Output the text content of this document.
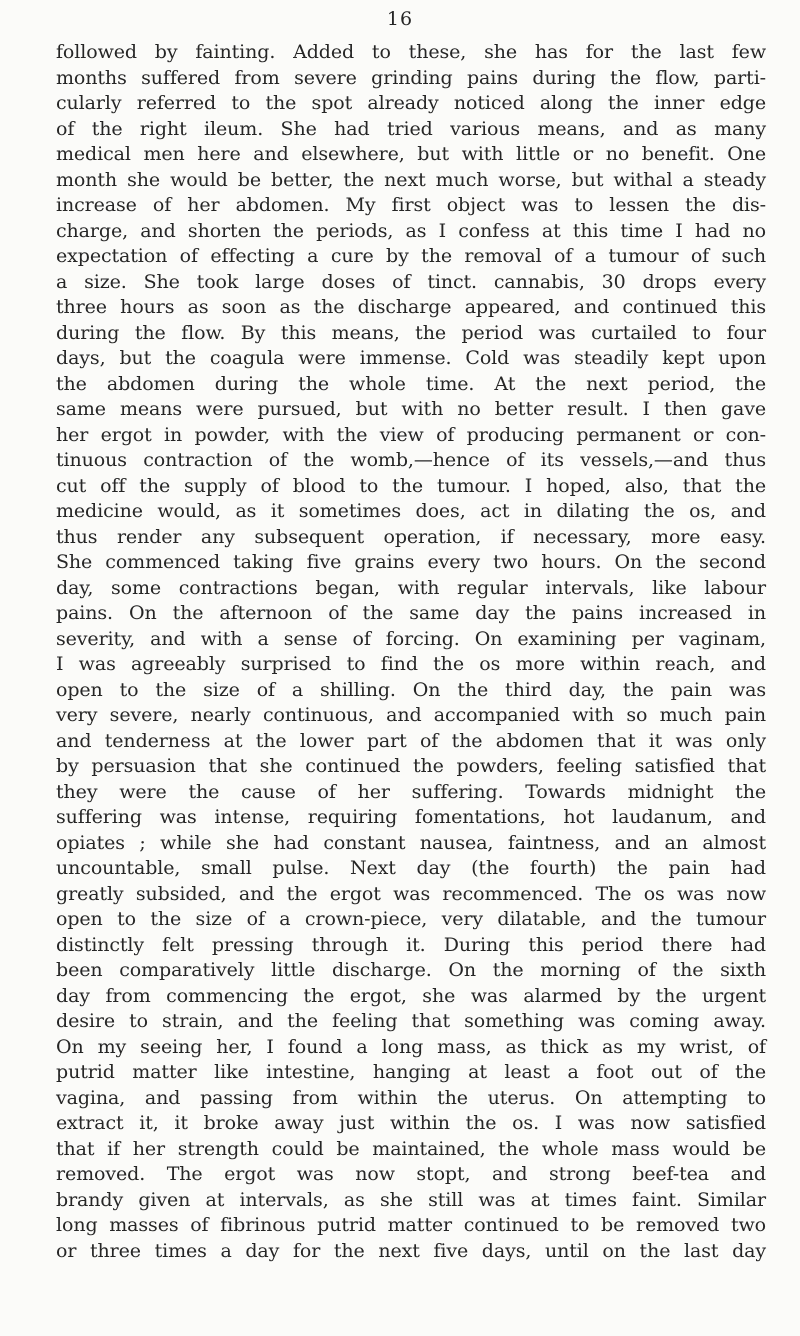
16
followed by fainting. Added to these, she has for the last few
months suffered from severe grinding pains during the flow, parti-
cularly referred to the spot already noticed along the inner edge
of the right ileum. She had tried various means, and as many
medical men here and elsewhere, but with little or no benefit. One
month she would be better, the next much worse, but withal a steady
increase of her abdomen. My first object was to lessen the dis-
charge, and shorten the periods, as I confess at this time I had no
expectation of effecting a cure by the removal of a tumour of such
a size. She took large doses of tinct. cannabis, 30 drops every
three hours as soon as the discharge appeared, and continued this
during the flow. By this means, the period was curtailed to four
days, but the coagula were immense. Cold was steadily kept upon
the abdomen during the whole time. At the next period, the
same means were pursued, but with no better result. I then gave
her ergot in powder, with the view of producing permanent or con-
tinuous contraction of the womb,—hence of its vessels,—and thus
cut off the supply of blood to the tumour. I hoped, also, that the
medicine would, as it sometimes does, act in dilating the os, and
thus render any subsequent operation, if necessary, more easy.
She commenced taking five grains every two hours. On the second
day, some contractions began, with regular intervals, like labour
pains. On the afternoon of the same day the pains increased in
severity, and with a sense of forcing. On examining per vaginam,
I was agreeably surprised to find the os more within reach, and
open to the size of a shilling. On the third day, the pain was
very severe, nearly continuous, and accompanied with so much pain
and tenderness at the lower part of the abdomen that it was only
by persuasion that she continued the powders, feeling satisfied that
they were the cause of her suffering. Towards midnight the
suffering was intense, requiring fomentations, hot laudanum, and
opiates ; while she had constant nausea, faintness, and an almost
uncountable, small pulse. Next day (the fourth) the pain had
greatly subsided, and the ergot was recommenced. The os was now
open to the size of a crown-piece, very dilatable, and the tumour
distinctly felt pressing through it. During this period there had
been comparatively little discharge. On the morning of the sixth
day from commencing the ergot, she was alarmed by the urgent
desire to strain, and the feeling that something was coming away.
On my seeing her, I found a long mass, as thick as my wrist, of
putrid matter like intestine, hanging at least a foot out of the
vagina, and passing from within the uterus. On attempting to
extract it, it broke away just within the os. I was now satisfied
that if her strength could be maintained, the whole mass would be
removed. The ergot was now stopt, and strong beef-tea and
brandy given at intervals, as she still was at times faint. Similar
long masses of fibrinous putrid matter continued to be removed two
or three times a day for the next five days, until on the last day
